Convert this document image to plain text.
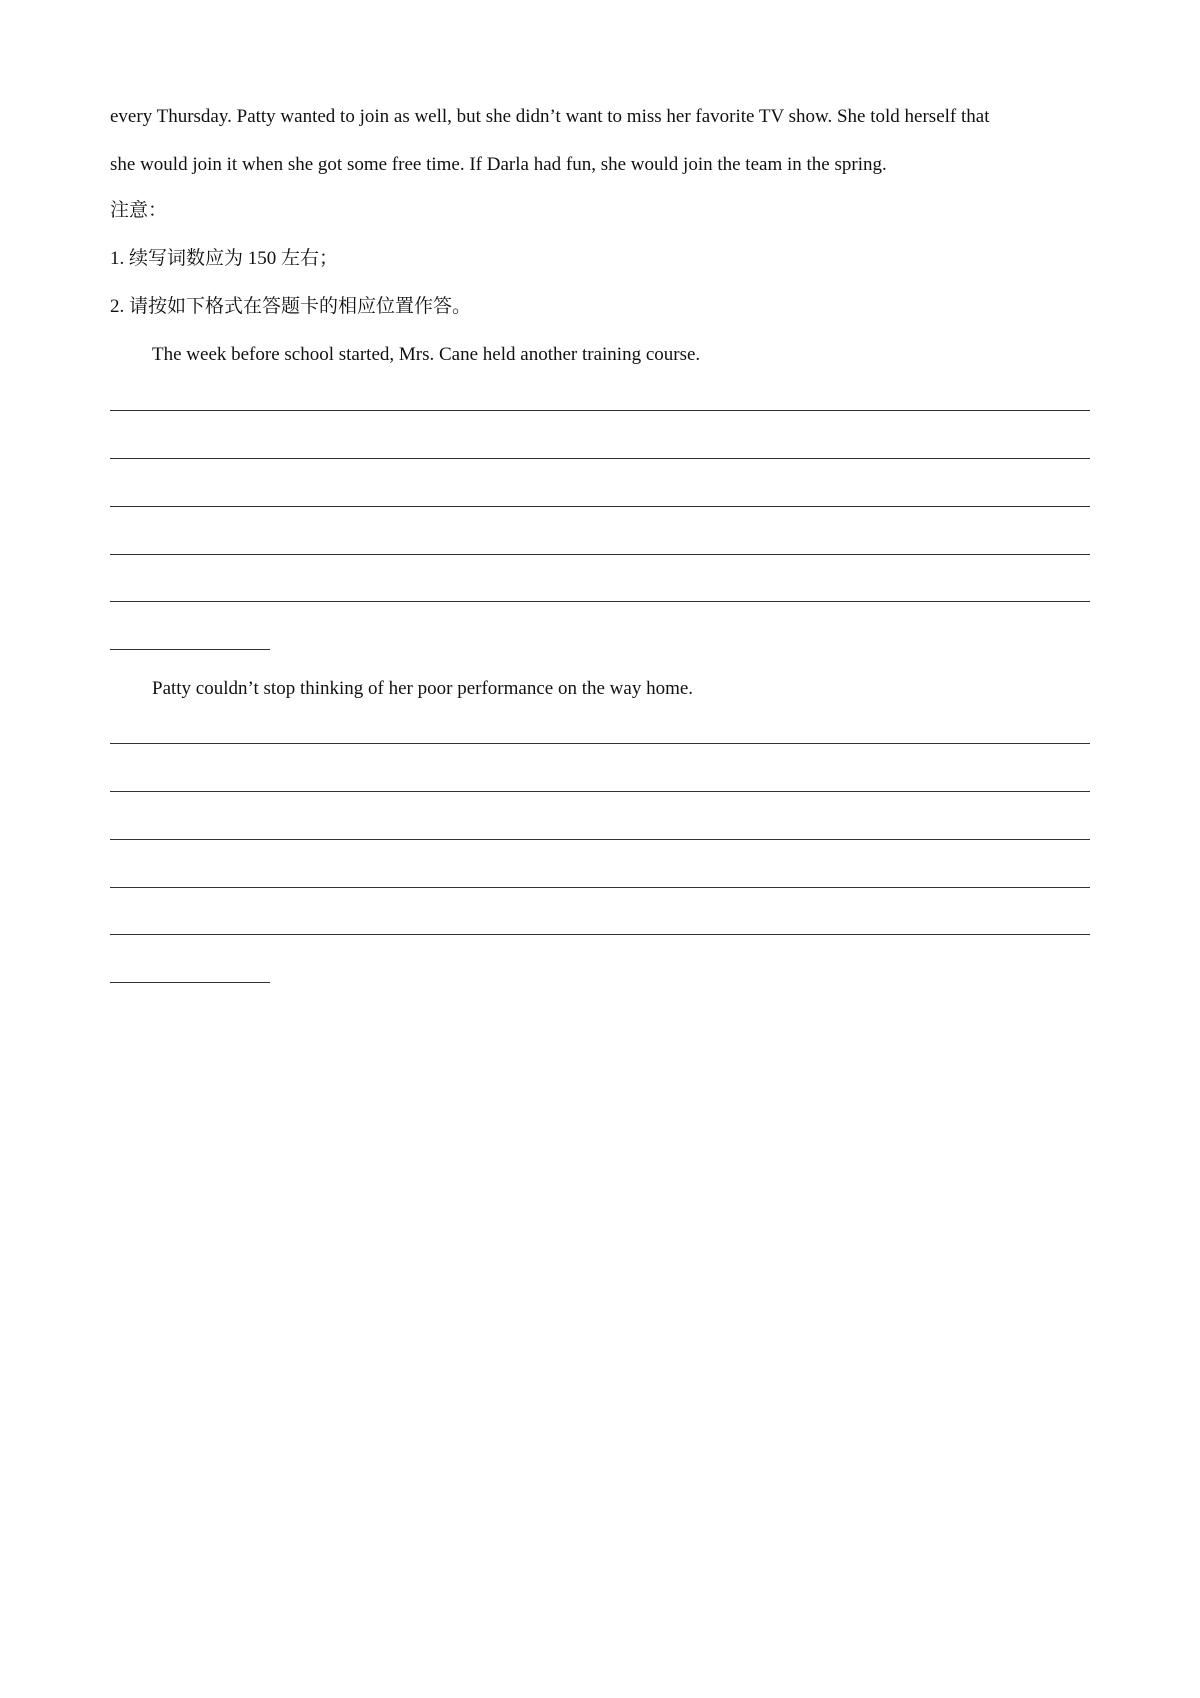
every Thursday. Patty wanted to join as well, but she didn’t want to miss her favorite TV show. She told herself that
she would join it when she got some free time. If Darla had fun, she would join the team in the spring.
注意：
1. 续写词数应为 150 左右；
2. 请按如下格式在答题卡的相应位置作答。
The week before school started, Mrs. Cane held another training course.
Patty couldn’t stop thinking of her poor performance on the way home.
